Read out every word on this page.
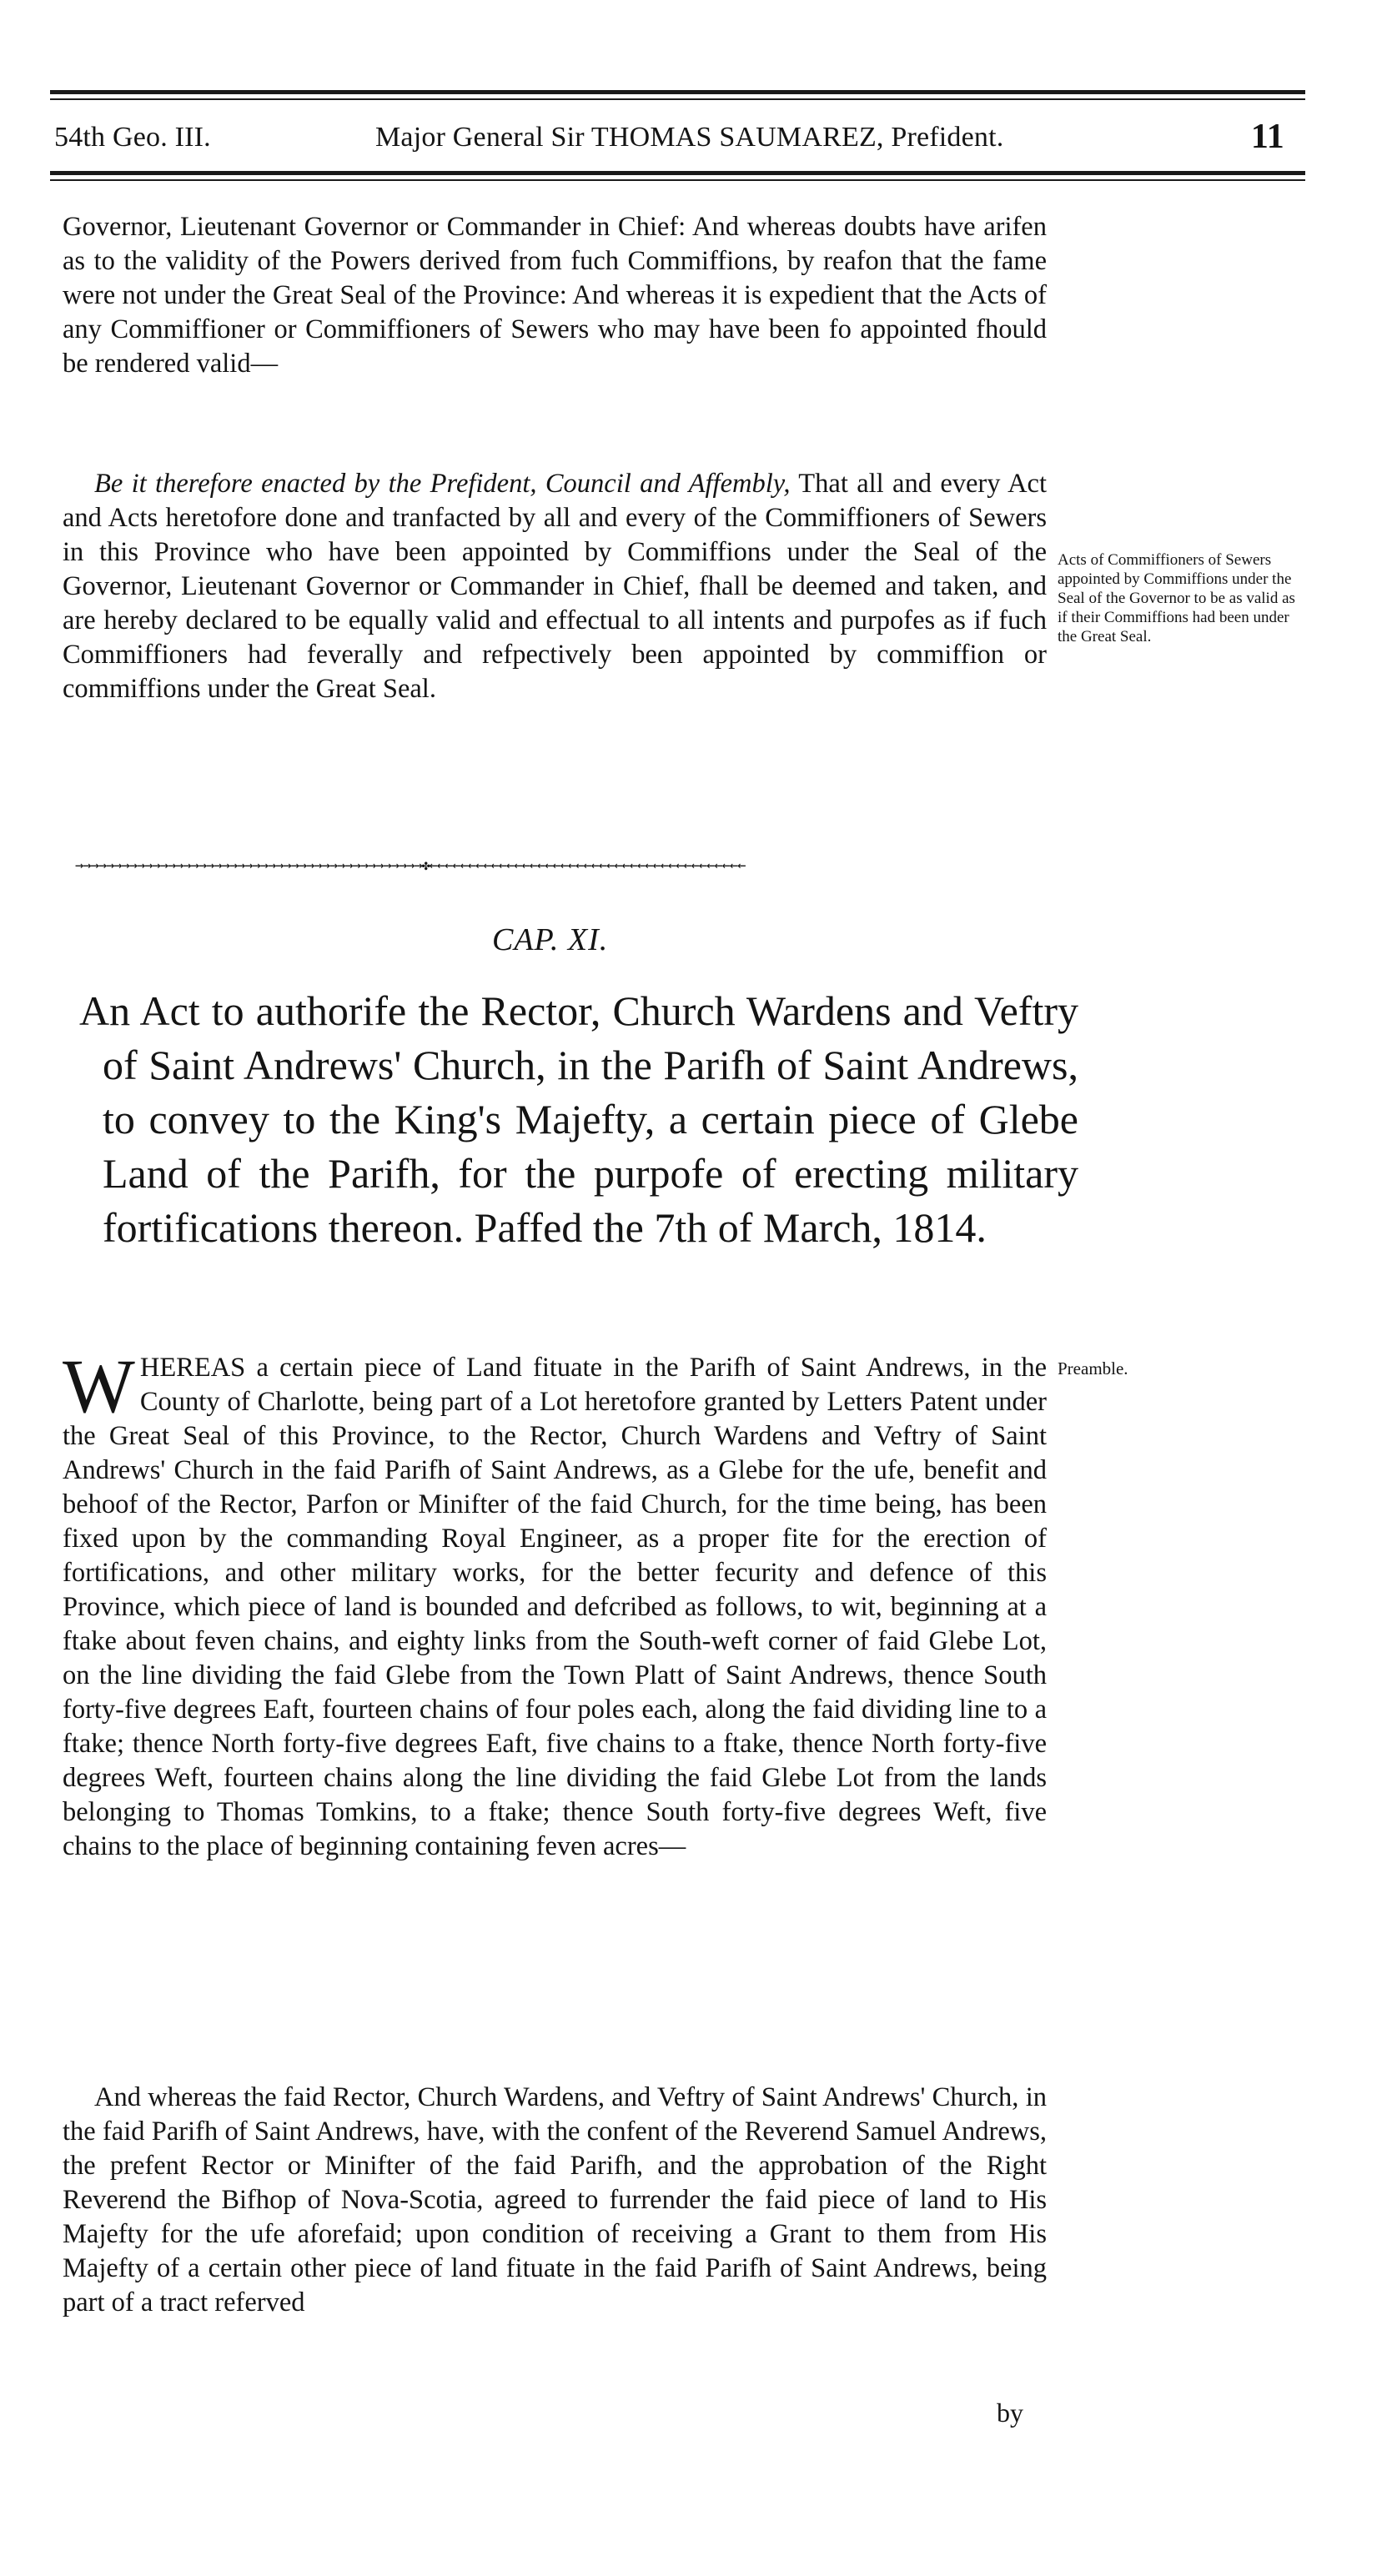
54th Geo. III.	Major General Sir THOMAS SAUMAREZ, Prefident.	11

Governor, Lieutenant Governor or Commander in Chief: And whereas doubts have arifen as to the validity of the Powers derived from fuch Commiffions, by reafon that the fame were not under the Great Seal of the Province: And whereas it is expedient that the Acts of any Commiffioner or Commiffioners of Sewers who may have been fo appointed fhould be rendered valid—

Be it therefore enacted by the Prefident, Council and Affembly, That all and every Act and Acts heretofore done and tranfacted by all and every of the Commiffioners of Sewers in this Province who have been appointed by Commiffions under the Seal of the Governor, Lieutenant Governor or Commander in Chief, fhall be deemed and taken, and are hereby declared to be equally valid and effectual to all intents and purpofes as if fuch Commiffioners had feverally and refpectively been appointed by commiffion or commiffions under the Great Seal.

Acts of Commiffioners of Sewers appointed by Commiffions under the Seal of the Governor to be as valid as if their Commiffions had been under the Great Seal.
→→→→→→→→→→→→→→→→→→→→→→→→→→→→→→→→→→→→→→→→→→→→→✤←←←←←←←←←←←←←←←←←←←←←←←←←←←←←←←←←←←←←←←←←
CAP. XI.
An Act to authorife the Rector, Church Wardens and Veftry of Saint Andrews' Church, in the Parifh of Saint Andrews, to convey to the King's Majefty, a certain piece of Glebe Land of the Parifh, for the purpofe of erecting military fortifications thereon. Paffed the 7th of March, 1814.

WHEREAS a certain piece of Land fituate in the Parifh of Saint Andrews, in the County of Charlotte, being part of a Lot heretofore granted by Letters Patent under the Great Seal of this Province, to the Rector, Church Wardens and Veftry of Saint Andrews' Church in the faid Parifh of Saint Andrews, as a Glebe for the ufe, benefit and behoof of the Rector, Parfon or Minifter of the faid Church, for the time being, has been fixed upon by the commanding Royal Engineer, as a proper fite for the erection of fortifications, and other military works, for the better fecurity and defence of this Province, which piece of land is bounded and defcribed as follows, to wit, beginning at a ftake about feven chains, and eighty links from the South-weft corner of faid Glebe Lot, on the line dividing the faid Glebe from the Town Platt of Saint Andrews, thence South forty-five degrees Eaft, fourteen chains of four poles each, along the faid dividing line to a ftake; thence North forty-five degrees Eaft, five chains to a ftake, thence North forty-five degrees Weft, fourteen chains along the line dividing the faid Glebe Lot from the lands belonging to Thomas Tomkins, to a ftake; thence South forty-five degrees Weft, five chains to the place of beginning containing feven acres—

Preamble.

And whereas the faid Rector, Church Wardens, and Veftry of Saint Andrews' Church, in the faid Parifh of Saint Andrews, have, with the confent of the Reverend Samuel Andrews, the prefent Rector or Minifter of the faid Parifh, and the approbation of the Right Reverend the Bifhop of Nova-Scotia, agreed to furrender the faid piece of land to His Majefty for the ufe aforefaid; upon condition of receiving a Grant to them from His Majefty of a certain other piece of land fituate in the faid Parifh of Saint Andrews, being part of a tract referved

by
